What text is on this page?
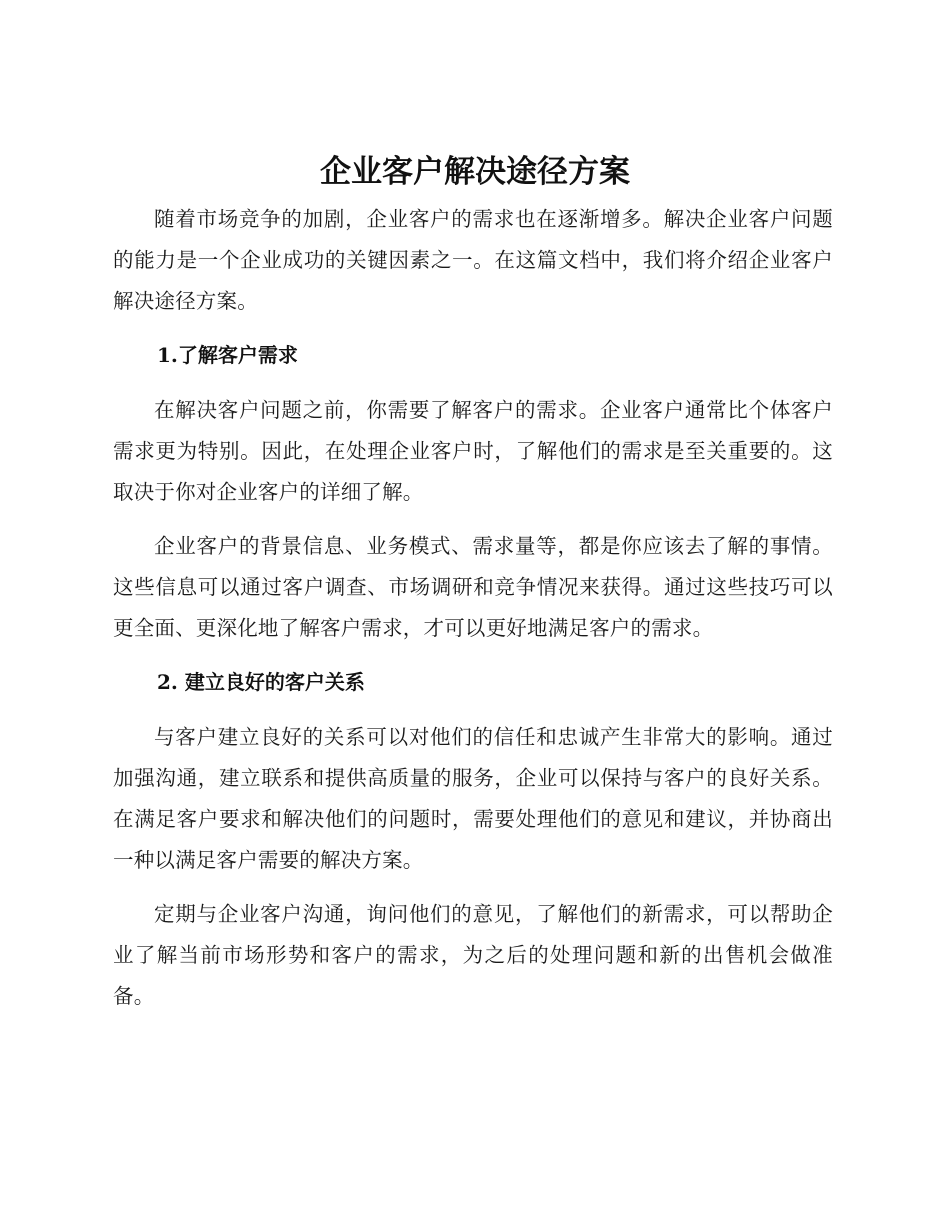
企业客户解决途径方案

随着市场竞争的加剧，企业客户的需求也在逐渐增多。解决企业客户问题的能力是一个企业成功的关键因素之一。在这篇文档中，我们将介绍企业客户解决途径方案。

1.了解客户需求

在解决客户问题之前，你需要了解客户的需求。企业客户通常比个体客户需求更为特别。因此，在处理企业客户时，了解他们的需求是至关重要的。这取决于你对企业客户的详细了解。

企业客户的背景信息、业务模式、需求量等，都是你应该去了解的事情。这些信息可以通过客户调查、市场调研和竞争情况来获得。通过这些技巧可以更全面、更深化地了解客户需求，才可以更好地满足客户的需求。

2. 建立良好的客户关系

与客户建立良好的关系可以对他们的信任和忠诚产生非常大的影响。通过加强沟通，建立联系和提供高质量的服务，企业可以保持与客户的良好关系。在满足客户要求和解决他们的问题时，需要处理他们的意见和建议，并协商出一种以满足客户需要的解决方案。

定期与企业客户沟通，询问他们的意见，了解他们的新需求，可以帮助企业了解当前市场形势和客户的需求，为之后的处理问题和新的出售机会做准备。
